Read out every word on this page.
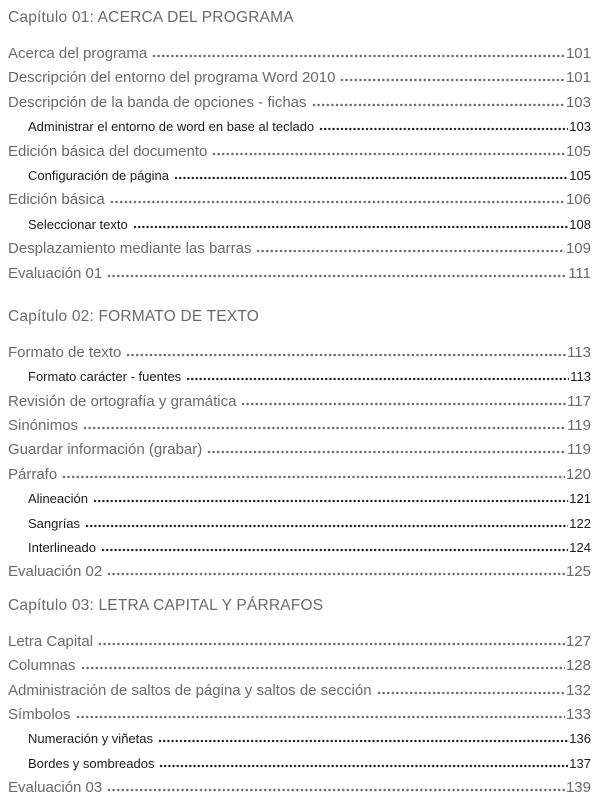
Capítulo 01: ACERCA DEL PROGRAMA
Acerca del programa	101
Descripción del entorno del programa Word 2010	101
Descripción de la banda de opciones - fichas	103
Administrar el entorno de word en base al teclado	103
Edición básica del documento	105
Configuración de página	105
Edición básica	106
Seleccionar texto	108
Desplazamiento mediante las barras	109
Evaluación 01	111
Capítulo 02: FORMATO DE TEXTO
Formato de texto	113
Formato carácter - fuentes	113
Revisión de ortografía y gramática	117
Sinónimos	119
Guardar información (grabar)	119
Párrafo	120
Alineación	121
Sangrías	122
Interlineado	124
Evaluación 02	125
Capítulo 03: LETRA CAPITAL Y PÁRRAFOS
Letra Capital	127
Columnas	128
Administración de saltos de página y saltos de sección	132
Símbolos	133
Numeración y viñetas	136
Bordes y sombreados	137
Evaluación 03	139
